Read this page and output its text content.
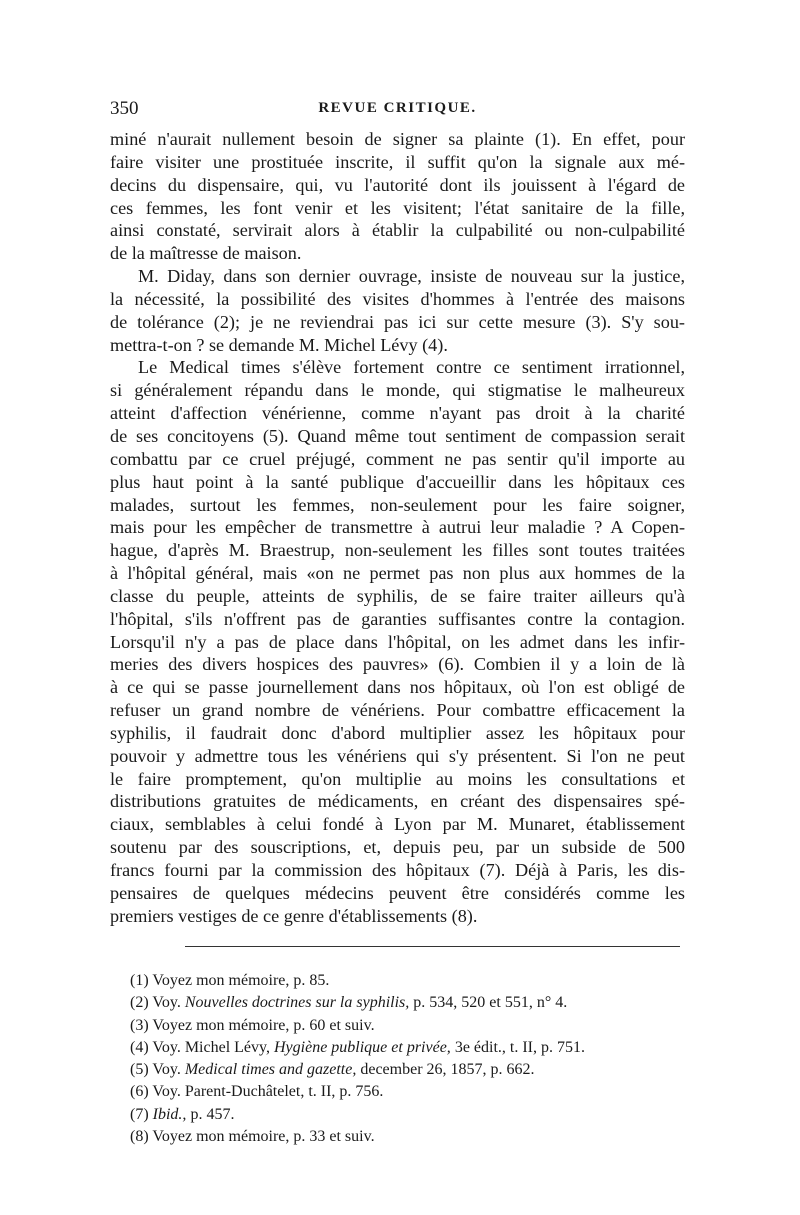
350	REVUE CRITIQUE.

miné n'aurait nullement besoin de signer sa plainte (1). En effet, pour
faire visiter une prostituée inscrite, il suffit qu'on la signale aux mé-
decins du dispensaire, qui, vu l'autorité dont ils jouissent à l'égard de
ces femmes, les font venir et les visitent; l'état sanitaire de la fille,
ainsi constaté, servirait alors à établir la culpabilité ou non-culpabilité
de la maîtresse de maison.

M. Diday, dans son dernier ouvrage, insiste de nouveau sur la justice,
la nécessité, la possibilité des visites d'hommes à l'entrée des maisons
de tolérance (2); je ne reviendrai pas ici sur cette mesure (3). S'y sou-
mettra-t-on ? se demande M. Michel Lévy (4).

Le Medical times s'élève fortement contre ce sentiment irrationnel,
si généralement répandu dans le monde, qui stigmatise le malheureux
atteint d'affection vénérienne, comme n'ayant pas droit à la charité
de ses concitoyens (5). Quand même tout sentiment de compassion serait
combattu par ce cruel préjugé, comment ne pas sentir qu'il importe au
plus haut point à la santé publique d'accueillir dans les hôpitaux ces
malades, surtout les femmes, non-seulement pour les faire soigner,
mais pour les empêcher de transmettre à autrui leur maladie ? A Copen-
hague, d'après M. Braestrup, non-seulement les filles sont toutes traitées
à l'hôpital général, mais «on ne permet pas non plus aux hommes de la
classe du peuple, atteints de syphilis, de se faire traiter ailleurs qu'à
l'hôpital, s'ils n'offrent pas de garanties suffisantes contre la contagion.
Lorsqu'il n'y a pas de place dans l'hôpital, on les admet dans les infir-
meries des divers hospices des pauvres» (6). Combien il y a loin de là
à ce qui se passe journellement dans nos hôpitaux, où l'on est obligé de
refuser un grand nombre de vénériens. Pour combattre efficacement la
syphilis, il faudrait donc d'abord multiplier assez les hôpitaux pour
pouvoir y admettre tous les vénériens qui s'y présentent. Si l'on ne peut
le faire promptement, qu'on multiplie au moins les consultations et
distributions gratuites de médicaments, en créant des dispensaires spé-
ciaux, semblables à celui fondé à Lyon par M. Munaret, établissement
soutenu par des souscriptions, et, depuis peu, par un subside de 500
francs fourni par la commission des hôpitaux (7). Déjà à Paris, les dis-
pensaires de quelques médecins peuvent être considérés comme les
premiers vestiges de ce genre d'établissements (8).

(1) Voyez mon mémoire, p. 85.
(2) Voy. Nouvelles doctrines sur la syphilis, p. 534, 520 et 551, n° 4.
(3) Voyez mon mémoire, p. 60 et suiv.
(4) Voy. Michel Lévy, Hygiène publique et privée, 3e édit., t. II, p. 751.
(5) Voy. Medical times and gazette, december 26, 1857, p. 662.
(6) Voy. Parent-Duchâtelet, t. II, p. 756.
(7) Ibid., p. 457.
(8) Voyez mon mémoire, p. 33 et suiv.
